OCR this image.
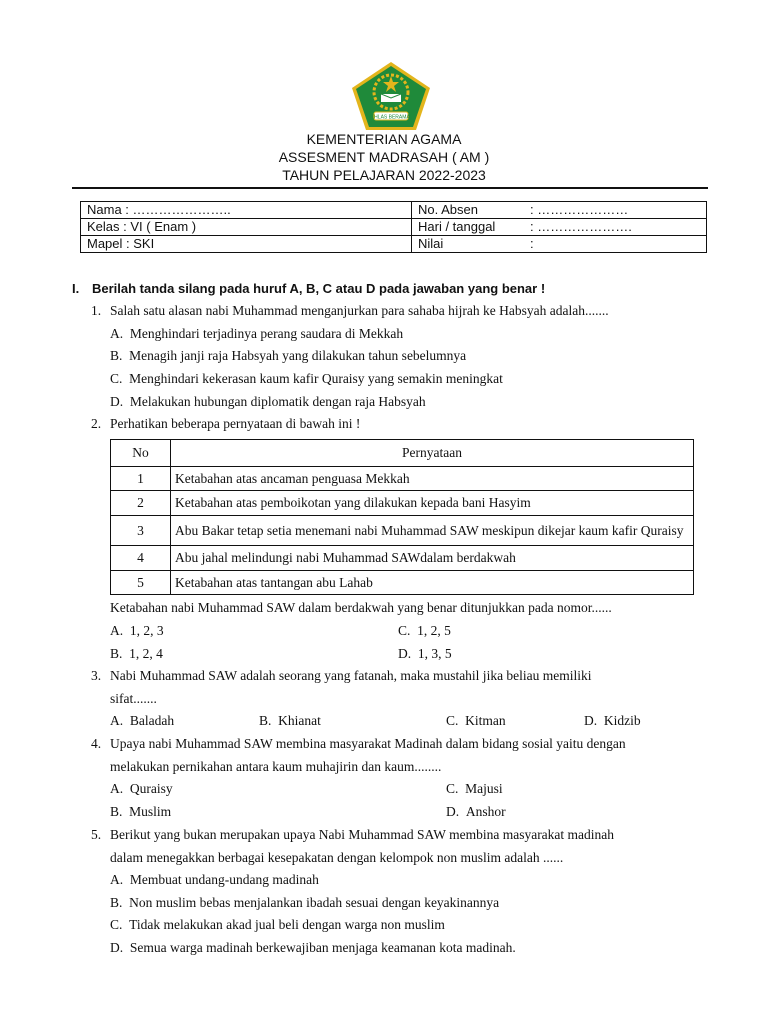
IKHLAS BERAMAL
KEMENTERIAN AGAMA
ASSESMENT MADRASAH ( AM )
TAHUN PELAJARAN 2022-2023
Nama : …………………..	No. Absen : …………………
Kelas : VI ( Enam )	Hari / tanggal : ………………….
Mapel : SKI	Nilai :
I. Berilah tanda silang pada huruf A, B, C atau D pada jawaban yang benar !
1. Salah satu alasan nabi Muhammad menganjurkan para sahaba hijrah ke Habsyah adalah.......
A. Menghindari terjadinya perang saudara di Mekkah
B. Menagih janji raja Habsyah yang dilakukan tahun sebelumnya
C. Menghindari kekerasan kaum kafir Quraisy yang semakin meningkat
D. Melakukan hubungan diplomatik dengan raja Habsyah
2. Perhatikan beberapa pernyataan di bawah ini !
No	Pernyataan
1	Ketabahan atas ancaman penguasa Mekkah
2	Ketabahan atas pemboikotan yang dilakukan kepada bani Hasyim
3	Abu Bakar tetap setia menemani nabi Muhammad SAW meskipun dikejar kaum kafir Quraisy
4	Abu jahal melindungi nabi Muhammad SAWdalam berdakwah
5	Ketabahan atas tantangan abu Lahab
Ketabahan nabi Muhammad SAW dalam berdakwah yang benar ditunjukkan pada nomor......
A. 1, 2, 3	C. 1, 2, 5
B. 1, 2, 4	D. 1, 3, 5
3. Nabi Muhammad SAW adalah seorang yang fatanah, maka mustahil jika beliau memiliki
sifat.......
A. Baladah	B. Khianat	C. Kitman	D. Kidzib
4. Upaya nabi Muhammad SAW membina masyarakat Madinah dalam bidang sosial yaitu dengan
melakukan pernikahan antara kaum muhajirin dan kaum........
A. Quraisy	C. Majusi
B. Muslim	D. Anshor
5. Berikut yang bukan merupakan upaya Nabi Muhammad SAW membina masyarakat madinah
dalam menegakkan berbagai kesepakatan dengan kelompok non muslim adalah ......
A. Membuat undang-undang madinah
B. Non muslim bebas menjalankan ibadah sesuai dengan keyakinannya
C. Tidak melakukan akad jual beli dengan warga non muslim
D. Semua warga madinah berkewajiban menjaga keamanan kota madinah.
